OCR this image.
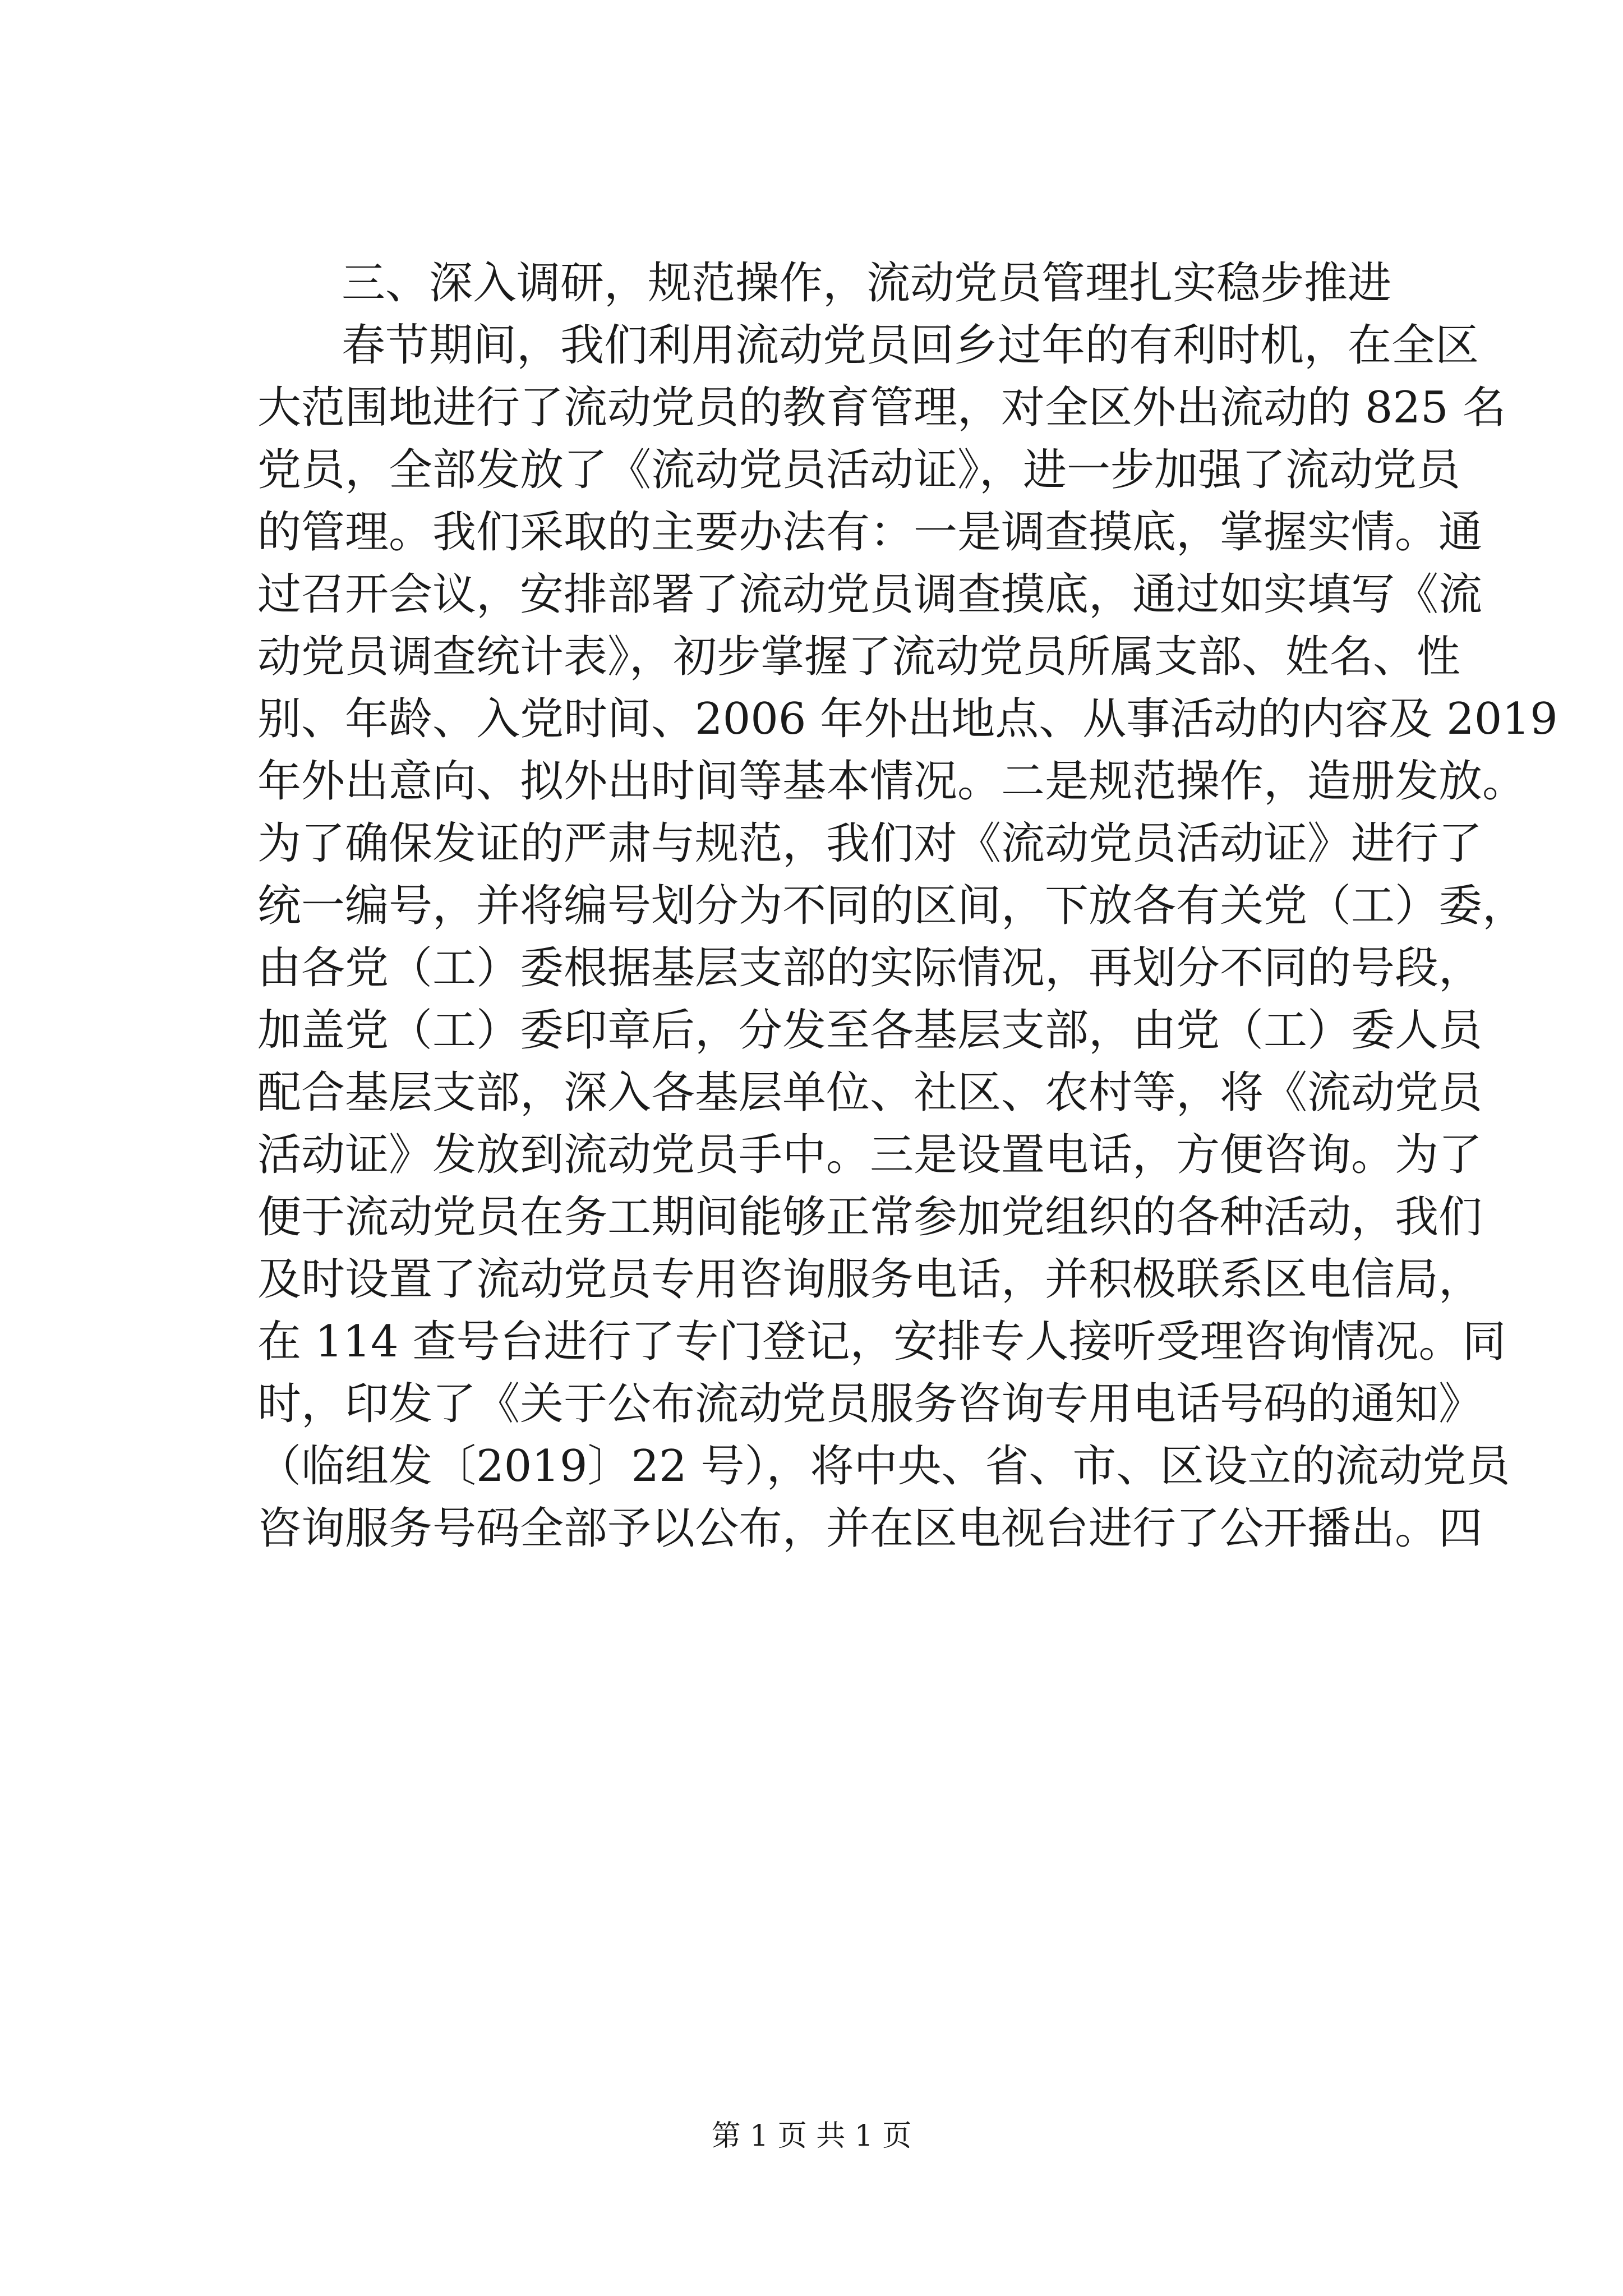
三、深入调研，规范操作，流动党员管理扎实稳步推进
春节期间，我们利用流动党员回乡过年的有利时机，在全区
大范围地进行了流动党员的教育管理，对全区外出流动的 825 名
党员，全部发放了《流动党员活动证》，进一步加强了流动党员
的管理。我们采取的主要办法有：一是调查摸底，掌握实情。通
过召开会议，安排部署了流动党员调查摸底，通过如实填写《流
动党员调查统计表》，初步掌握了流动党员所属支部、姓名、性
别、年龄、入党时间、2006 年外出地点、从事活动的内容及 2019
年外出意向、拟外出时间等基本情况。二是规范操作，造册发放。
为了确保发证的严肃与规范，我们对《流动党员活动证》进行了
统一编号，并将编号划分为不同的区间，下放各有关党（工）委，
由各党（工）委根据基层支部的实际情况，再划分不同的号段，
加盖党（工）委印章后，分发至各基层支部，由党（工）委人员
配合基层支部，深入各基层单位、社区、农村等，将《流动党员
活动证》发放到流动党员手中。三是设置电话，方便咨询。为了
便于流动党员在务工期间能够正常参加党组织的各种活动，我们
及时设置了流动党员专用咨询服务电话，并积极联系区电信局，
在 114 查号台进行了专门登记，安排专人接听受理咨询情况。同
时，印发了《关于公布流动党员服务咨询专用电话号码的通知》
（临组发〔2019〕22 号），将中央、省、市、区设立的流动党员
咨询服务号码全部予以公布，并在区电视台进行了公开播出。四
第 1 页 共 1 页
